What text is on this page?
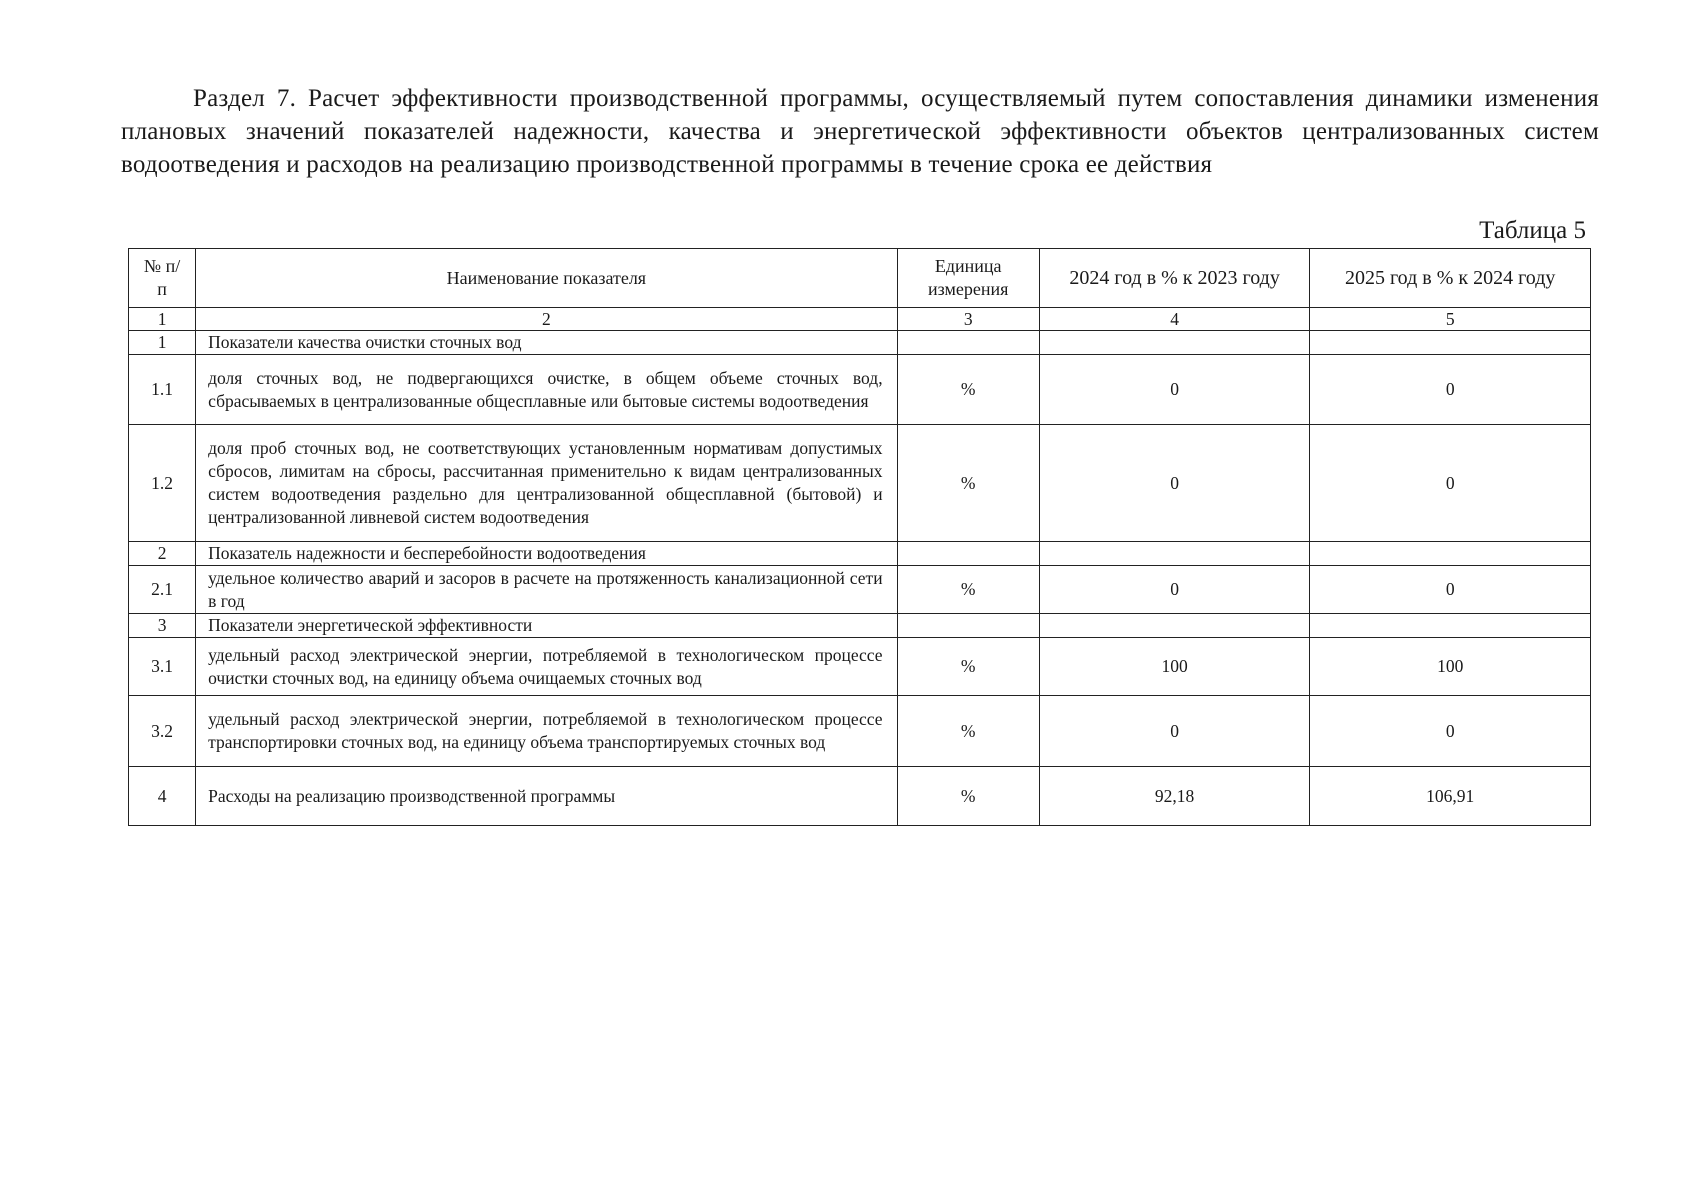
Раздел 7. Расчет эффективности производственной программы, осуществляемый путем сопоставления динамики изменения плановых значений показателей надежности, качества и энергетической эффективности объектов централизованных систем водоотведения и расходов на реализацию производственной программы в течение срока ее действия
Таблица 5
№ п/п	Наименование показателя	Единица измерения	2024 год в % к 2023 году	2025 год в % к 2024 году
1	2	3	4	5
1	Показатели качества очистки сточных вод			
1.1	доля сточных вод, не подвергающихся очистке, в общем объеме сточных вод, сбрасываемых в централизованные общесплавные или бытовые системы водоотведения	%	0	0
1.2	доля проб сточных вод, не соответствующих установленным нормативам допустимых сбросов, лимитам на сбросы, рассчитанная применительно к видам централизованных систем водоотведения раздельно для централизованной общесплавной (бытовой) и централизованной ливневой систем водоотведения	%	0	0
2	Показатель надежности и бесперебойности водоотведения			
2.1	удельное количество аварий и засоров в расчете на протяженность канализационной сети в год	%	0	0
3	Показатели энергетической эффективности			
3.1	удельный расход электрической энергии, потребляемой в технологическом процессе очистки сточных вод, на единицу объема очищаемых сточных вод	%	100	100
3.2	удельный расход электрической энергии, потребляемой в технологическом процессе транспортировки сточных вод, на единицу объема транспортируемых сточных вод	%	0	0
4	Расходы на реализацию производственной программы	%	92,18	106,91
